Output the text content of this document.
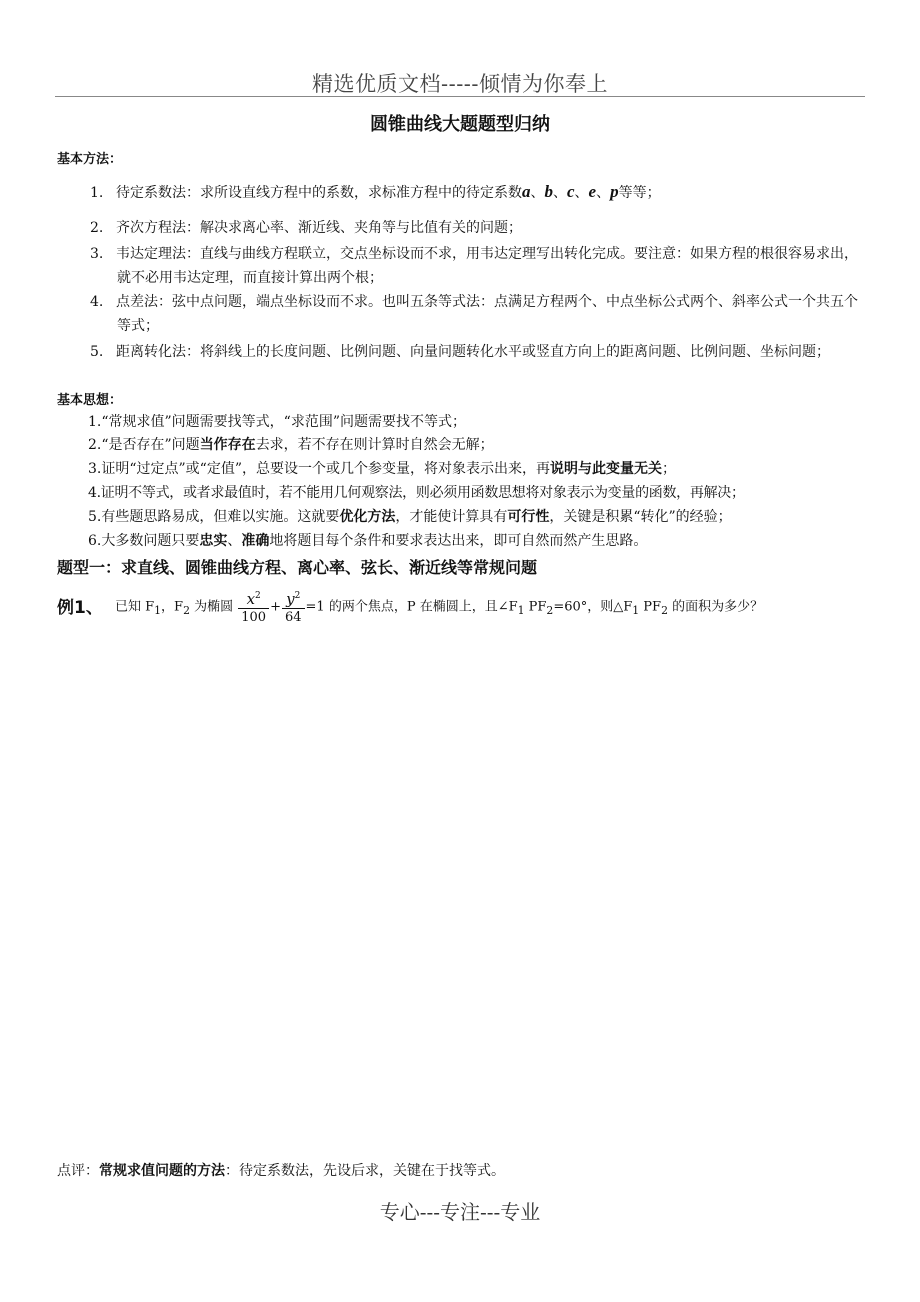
精选优质文档-----倾情为你奉上
圆锥曲线大题题型归纳
基本方法：
1. 待定系数法：求所设直线方程中的系数，求标准方程中的待定系数a、b、c、e、p等等；
2. 齐次方程法：解决求离心率、渐近线、夹角等与比值有关的问题；
3. 韦达定理法：直线与曲线方程联立，交点坐标设而不求，用韦达定理写出转化完成。要注意：如果方程的根很容易求出，就不必用韦达定理，而直接计算出两个根；
4. 点差法：弦中点问题，端点坐标设而不求。也叫五条等式法：点满足方程两个、中点坐标公式两个、斜率公式一个共五个等式；
5. 距离转化法：将斜线上的长度问题、比例问题、向量问题转化水平或竖直方向上的距离问题、比例问题、坐标问题；
基本思想：
1.“常规求值”问题需要找等式，“求范围”问题需要找不等式；
2.“是否存在”问题当作存在去求，若不存在则计算时自然会无解；
3.证明“过定点”或“定值”，总要设一个或几个参变量，将对象表示出来，再说明与此变量无关；
4.证明不等式，或者求最值时，若不能用几何观察法，则必须用函数思想将对象表示为变量的函数，再解决；
5.有些题思路易成，但难以实施。这就要优化方法，才能使计算具有可行性，关键是积累“转化”的经验；
6.大多数问题只要忠实、准确地将题目每个条件和要求表达出来，即可自然而然产生思路。
题型一：求直线、圆锥曲线方程、离心率、弦长、渐近线等常规问题
例1、 已知 $F_1$，$F_2$ 为椭圆 $\frac{x^2}{100} + \frac{y^2}{64} =1$ 的两个焦点，P 在椭圆上，且$\angle F_1$ $PF_2=60^\circ$，则$\triangle F_1$ $PF_2$ 的面积为多少？
点评：常规求值问题的方法：待定系数法，先设后求，关键在于找等式。
专心---专注---专业
